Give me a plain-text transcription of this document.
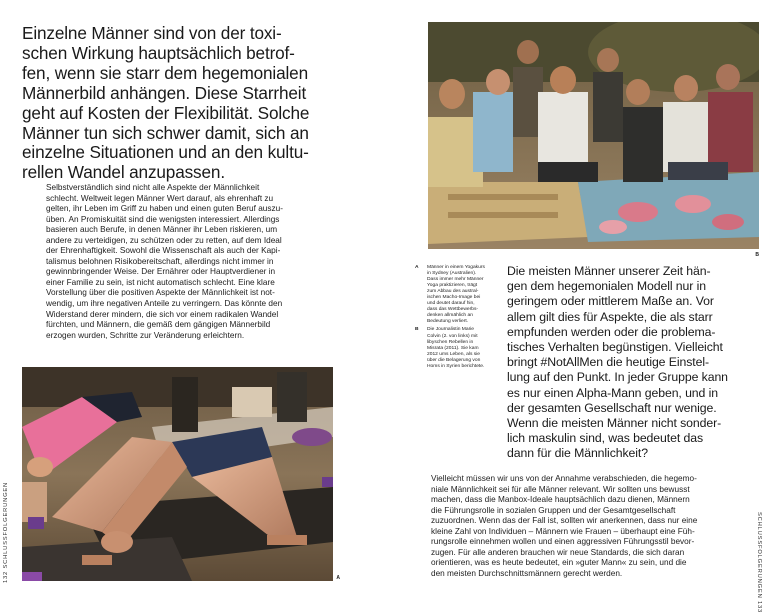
Einzelne Männer sind von der toxi-
schen Wirkung hauptsächlich betrof-
fen, wenn sie starr dem hegemonialen
Männerbild anhängen. Diese Starrheit
geht auf Kosten der Flexibilität. Solche
Männer tun sich schwer damit, sich an
einzelne Situationen und an den kultu-
rellen Wandel anzupassen.
Selbstverständlich sind nicht alle Aspekte der Männlichkeit
schlecht. Weltweit legen Männer Wert darauf, als ehrenhaft zu
gelten, ihr Leben im Griff zu haben und einen guten Beruf auszu-
üben. An Promiskuität sind die wenigsten interessiert. Allerdings
basieren auch Berufe, in denen Männer ihr Leben riskieren, um
andere zu verteidigen, zu schützen oder zu retten, auf dem Ideal
der Ehrenhaftigkeit. Sowohl die Wissenschaft als auch der Kapi-
talismus belohnen Risikobereitschaft, allerdings nicht immer in
gewinnbringender Weise. Der Ernährer oder Hauptverdiener in
einer Familie zu sein, ist nicht automatisch schlecht. Eine klare
Vorstellung über die positiven Aspekte der Männlichkeit ist not-
wendig, um ihre negativen Anteile zu verringern. Das könnte den
Widerstand derer mindern, die sich vor einem radikalen Wandel
fürchten, und Männern, die gemäß dem gängigen Männerbild
erzogen wurden, Schritte zur Veränderung erleichtern.
A
B
A Männer in einem Yogakurs
in Sydney (Australien).
Dass immer mehr Männer
Yoga praktizieren, trägt
zum Abbau des austral-
ischen Macho-Image bei
und deutet darauf hin,
dass das Wettbewerbs-
denken allmählich an
Bedeutung verliert.
B Die Journalistin Marie
Colvin (2. von links) mit
libyschen Rebellen in
Misrata (2011). Sie kam
2012 ums Leben, als sie
über die Belagerung von
Homs in Syrien berichtete.
Die meisten Männer unserer Zeit hän-
gen dem hegemonialen Modell nur in
geringem oder mittlerem Maße an. Vor
allem gilt dies für Aspekte, die als starr
empfunden werden oder die problema-
tisches Verhalten begünstigen. Vielleicht
bringt #NotAllMen die heutige Einstel-
lung auf den Punkt. In jeder Gruppe kann
es nur einen Alpha-Mann geben, und in
der gesamten Gesellschaft nur wenige.
Wenn die meisten Männer nicht sonder-
lich maskulin sind, was bedeutet das
dann für die Männlichkeit?
Vielleicht müssen wir uns von der Annahme verabschieden, die hegemo-
niale Männlichkeit sei für alle Männer relevant. Wir sollten uns bewusst
machen, dass die Manbox-Ideale hauptsächlich dazu dienen, Männern
die Führungsrolle in sozialen Gruppen und der Gesamtgesellschaft
zuzuordnen. Wenn das der Fall ist, sollten wir anerkennen, dass nur eine
kleine Zahl von Individuen – Männern wie Frauen – überhaupt eine Füh-
rungsrolle einnehmen wollen und einen aggressiven Führungsstil bevor-
zugen. Für alle anderen brauchen wir neue Standards, die sich daran
orientieren, was es heute bedeutet, ein »guter Mann« zu sein, und die
den meisten Durchschnittsmännern gerecht werden.
132 SCHLUSSFOLGERUNGEN	SCHLUSSFOLGERUNGEN 133
